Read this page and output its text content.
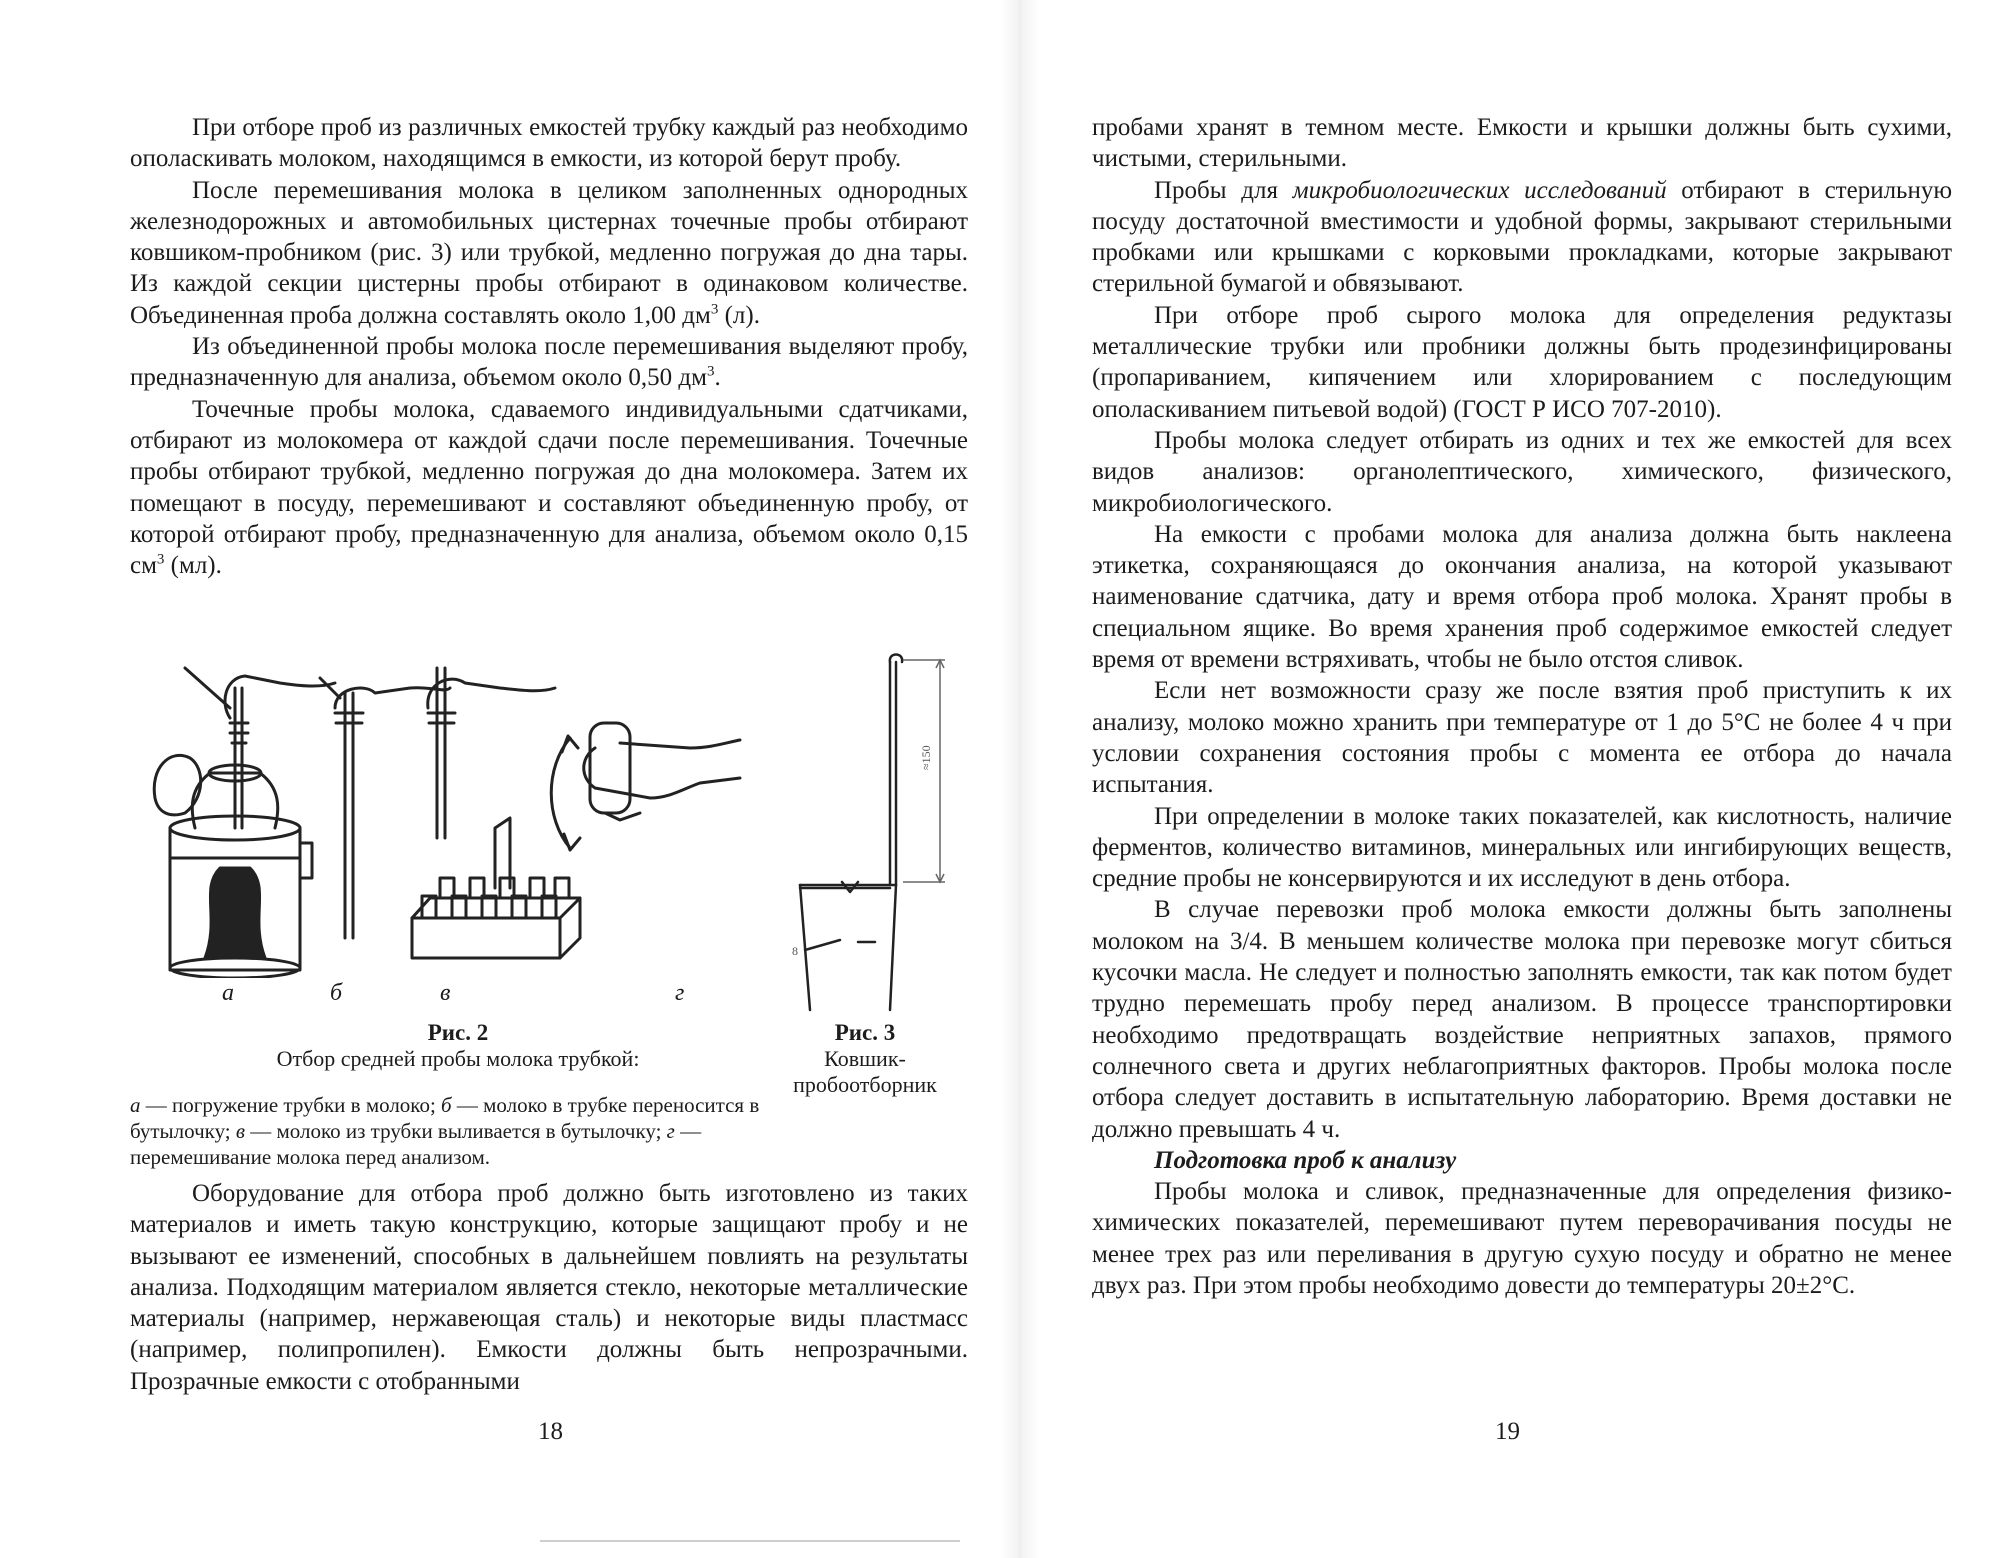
При отборе проб из различных емкостей трубку каждый раз необходимо ополаскивать молоком, находящимся в емкости, из которой берут пробу.

После перемешивания молока в целиком заполненных однородных железнодорожных и автомобильных цистернах точечные пробы отбирают ковшиком-пробником (рис. 3) или трубкой, медленно погружая до дна тары. Из каждой секции цистерны пробы отбирают в одинаковом количестве. Объединенная проба должна составлять около 1,00 $дм^3$ (л).

Из объединенной пробы молока после перемешивания выделяют пробу, предназначенную для анализа, объемом около 0,50 $дм^3$.

Точечные пробы молока, сдаваемого индивидуальными сдатчиками, отбирают из молокомера от каждой сдачи после перемешивания. Точечные пробы отбирают трубкой, медленно погружая до дна молокомера. Затем их помещают в посуду, перемешивают и составляют объединенную пробу, от которой отбирают пробу, предназначенную для анализа, объемом около 0,15 $см^3$ (мл).

а	б	в	г
≈150
8
Рис. 2
Отбор средней пробы молока трубкой:
а — погружение трубки в молоко; б — молоко в трубке переносится в бутылочку; в — молоко из трубки выливается в бутылочку; г — перемешивание молока перед анализом.
Рис. 3
Ковшик-пробоотборник

Оборудование для отбора проб должно быть изготовлено из таких материалов и иметь такую конструкцию, которые защищают пробу и не вызывают ее изменений, способных в дальнейшем повлиять на результаты анализа. Подходящим материалом является стекло, некоторые металлические материалы (например, нержавеющая сталь) и некоторые виды пластмасс (например, полипропилен). Емкости должны быть непрозрачными. Прозрачные емкости с отобранными

18

пробами хранят в темном месте. Емкости и крышки должны быть сухими, чистыми, стерильными.

Пробы для микробиологических исследований отбирают в стерильную посуду достаточной вместимости и удобной формы, закрывают стерильными пробками или крышками с корковыми прокладками, которые закрывают стерильной бумагой и обвязывают.

При отборе проб сырого молока для определения редуктазы металлические трубки или пробники должны быть продезинфицированы (пропариванием, кипячением или хлорированием с последующим ополаскиванием питьевой водой) (ГОСТ Р ИСО 707-2010).

Пробы молока следует отбирать из одних и тех же емкостей для всех видов анализов: органолептического, химического, физического, микробиологического.

На емкости с пробами молока для анализа должна быть наклеена этикетка, сохраняющаяся до окончания анализа, на которой указывают наименование сдатчика, дату и время отбора проб молока. Хранят пробы в специальном ящике. Во время хранения проб содержимое емкостей следует время от времени встряхивать, чтобы не было отстоя сливок.

Если нет возможности сразу же после взятия проб приступить к их анализу, молоко можно хранить при температуре от 1 до 5°С не более 4 ч при условии сохранения состояния пробы с момента ее отбора до начала испытания.

При определении в молоке таких показателей, как кислотность, наличие ферментов, количество витаминов, минеральных или ингибирующих веществ, средние пробы не консервируются и их исследуют в день отбора.

В случае перевозки проб молока емкости должны быть заполнены молоком на 3/4. В меньшем количестве молока при перевозке могут сбиться кусочки масла. Не следует и полностью заполнять емкости, так как потом будет трудно перемешать пробу перед анализом. В процессе транспортировки необходимо предотвращать воздействие неприятных запахов, прямого солнечного света и других неблагоприятных факторов. Пробы молока после отбора следует доставить в испытательную лабораторию. Время доставки не должно превышать 4 ч.

Подготовка проб к анализу

Пробы молока и сливок, предназначенные для определения физико-химических показателей, перемешивают путем переворачивания посуды не менее трех раз или переливания в другую сухую посуду и обратно не менее двух раз. При этом пробы необходимо довести до температуры 20±2°С.

19
